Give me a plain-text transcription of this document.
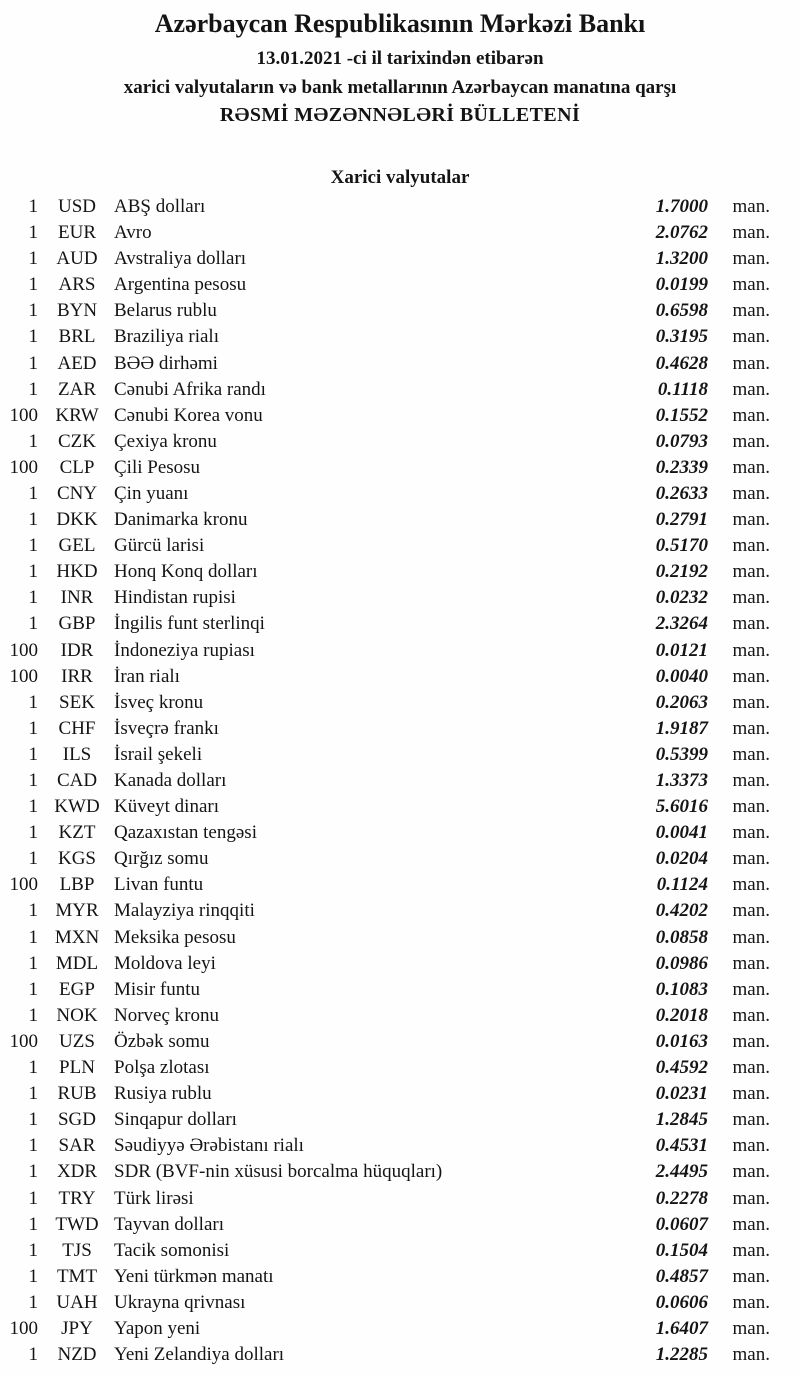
Azərbaycan Respublikasının Mərkəzi Bankı
13.01.2021 -ci il tarixindən etibarən
xarici valyutaların və bank metallarının Azərbaycan manatına qarşı
RƏSMİ MƏZƏNNƏLƏRİ BÜLLETENİ
Xarici valyutalar
1	USD ABŞ dolları	1.7000	man.
1	EUR Avro	2.0762	man.
1 AUD Avstraliya dolları	1.3200	man.
1	ARS Argentina pesosu	0.0199	man.
1 BYN Belarus rublu	0.6598	man.
1	BRL Braziliya rialı	0.3195	man.
1	AED BƏƏ dirhəmi	0.4628	man.
1	ZAR Cənubi Afrika randı	0.1118	man.
100 KRW Cənubi Korea vonu	0.1552	man.
1	CZK Çexiya kronu	0.0793	man.
100	CLP	Çili Pesosu	0.2339	man.
1 CNY Çin yuanı	0.2633	man.
1 DKK Danimarka kronu	0.2791	man.
1	GEL Gürcü larisi	0.5170	man.
1 HKD Honq Konq dolları	0.2192	man.
1	INR	Hindistan rupisi	0.0232	man.
1	GBP İngilis funt sterlinqi	2.3264	man.
100	IDR	İndoneziya rupiası	0.0121	man.
100	IRR	İran rialı	0.0040	man.
1	SEK	İsveç kronu	0.2063	man.
1	CHF İsveçrə frankı	1.9187	man.
1	ILS	İsrail şekeli	0.5399	man.
1 CAD Kanada dolları	1.3373	man.
1 KWD Küveyt dinarı	5.6016	man.
1	KZT Qazaxıstan tengəsi	0.0041	man.
1	KGS Qırğız somu	0.0204	man.
100	LBP	Livan funtu	0.1124	man.
1 MYR Malayziya rinqqiti	0.4202	man.
1 MXN Meksika pesosu	0.0858	man.
1 MDL Moldova leyi	0.0986	man.
1	EGP	Misir funtu	0.1083	man.
1 NOK Norveç kronu	0.2018	man.
100	UZS	Özbək somu	0.0163	man.
1	PLN	Polşa zlotası	0.4592	man.
1	RUB Rusiya rublu	0.0231	man.
1	SGD Sinqapur dolları	1.2845	man.
1	SAR Səudiyyə Ərəbistanı rialı	0.4531	man.
1 XDR SDR (BVF-nin xüsusi borcalma hüquqları)	2.4495	man.
1	TRY Türk lirəsi	0.2278	man.
1 TWD Tayvan dolları	0.0607	man.
1	TJS	Tacik somonisi	0.1504	man.
1 TMT Yeni türkmən manatı	0.4857	man.
1 UAH Ukrayna qrivnası	0.0606	man.
100	JPY	Yapon yeni	1.6407	man.
1	NZD Yeni Zelandiya dolları	1.2285	man.
